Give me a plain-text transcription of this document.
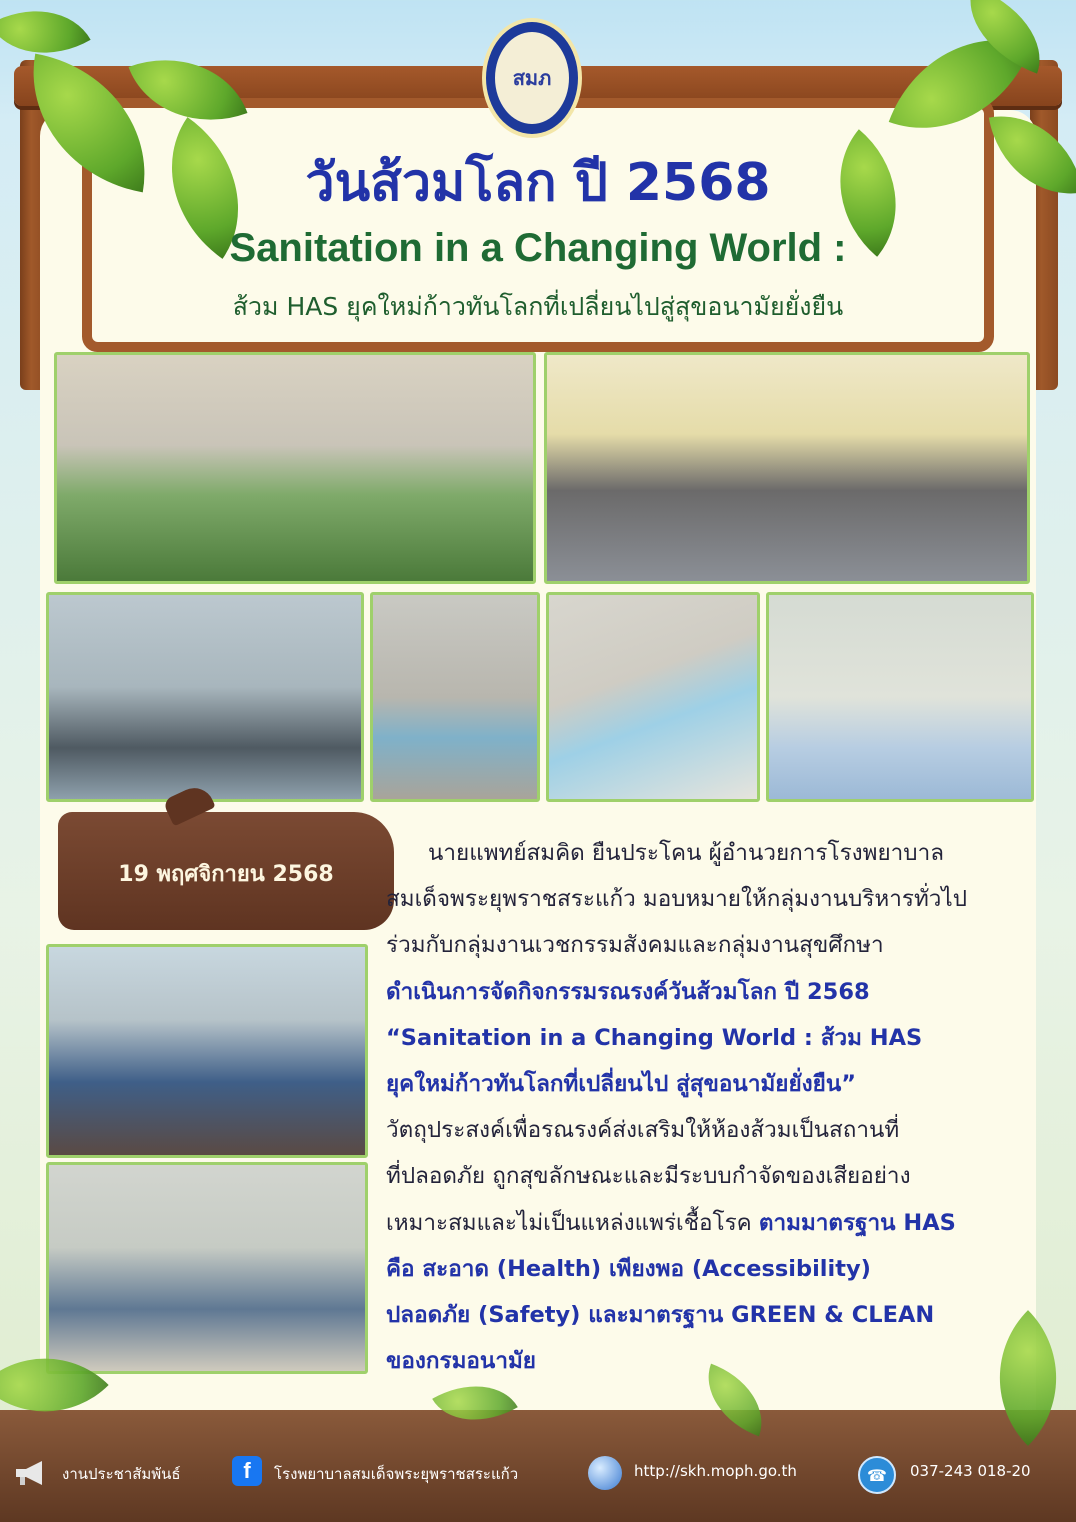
สมภ
วันส้วมโลก ปี 2568
Sanitation in a Changing World :
ส้วม HAS ยุคใหม่ก้าวทันโลกที่เปลี่ยนไปสู่สุขอนามัยยั่งยืน
19 พฤศจิกายน 2568
นายแพทย์สมคิด ยืนประโคน ผู้อำนวยการโรงพยาบาล
สมเด็จพระยุพราชสระแก้ว มอบหมายให้กลุ่มงานบริหารทั่วไป
ร่วมกับกลุ่มงานเวชกรรมสังคมและกลุ่มงานสุขศึกษา
ดำเนินการจัดกิจกรรมรณรงค์วันส้วมโลก ปี 2568
“Sanitation in a Changing World : ส้วม HAS
ยุคใหม่ก้าวทันโลกที่เปลี่ยนไป สู่สุขอนามัยยั่งยืน”
วัตถุประสงค์เพื่อรณรงค์ส่งเสริมให้ห้องส้วมเป็นสถานที่
ที่ปลอดภัย ถูกสุขลักษณะและมีระบบกำจัดของเสียอย่าง
เหมาะสมและไม่เป็นแหล่งแพร่เชื้อโรค ตามมาตรฐาน HAS
คือ สะอาด (Health) เพียงพอ (Accessibility)
ปลอดภัย (Safety) และมาตรฐาน GREEN & CLEAN
ของกรมอนามัย
งานประชาสัมพันธ์	f โรงพยาบาลสมเด็จพระยุพราชสระแก้ว	http://skh.moph.go.th	☎ 037-243 018-20
